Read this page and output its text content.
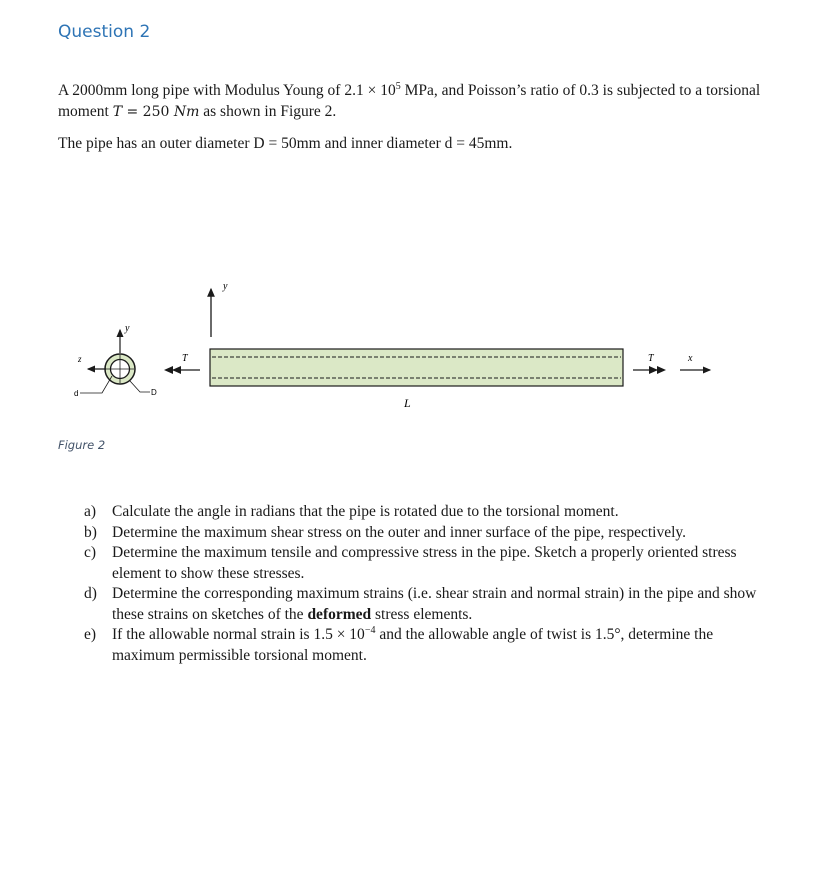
Question 2

A 2000mm long pipe with Modulus Young of $2.1 \times 10^5$ MPa, and Poisson’s ratio of 0.3 is subjected to a torsional moment T = 250 Nm as shown in Figure 2.

The pipe has an outer diameter D = 50mm and inner diameter d = 45mm.

y
z
d	D
T
y
L
T	x
Figure 2
a) Calculate the angle in radians that the pipe is rotated due to the torsional moment.
b) Determine the maximum shear stress on the outer and inner surface of the pipe, respectively.
c) Determine the maximum tensile and compressive stress in the pipe. Sketch a properly oriented stress element to show these stresses.
d) Determine the corresponding maximum strains (i.e. shear strain and normal strain) in the pipe and show these strains on sketches of the deformed stress elements.
e) If the allowable normal strain is $1.5 \times 10^{-4}$ and the allowable angle of twist is 1.5°, determine the maximum permissible torsional moment.
